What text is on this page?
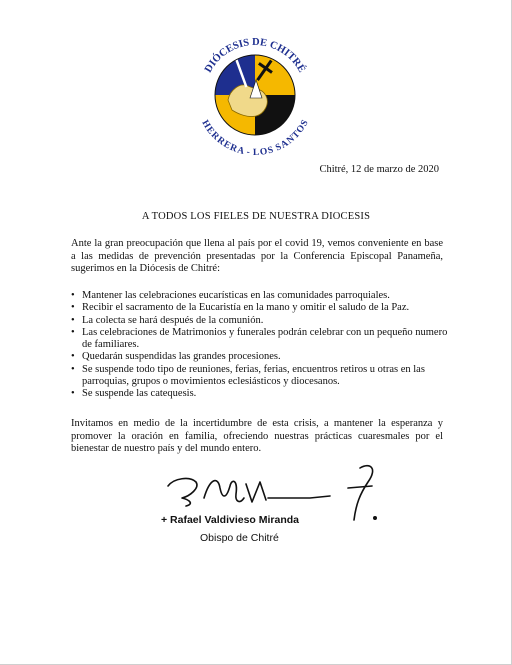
DIÓCESIS DE CHITRÉ
HERRERA - LOS SANTOS
Chitré, 12 de marzo de 2020
A TODOS LOS FIELES DE NUESTRA DIOCESIS

Ante la gran preocupación que llena al país por el covid 19, vemos conveniente en base a las medidas de prevención presentadas por la Conferencia Episcopal Panameña, sugerimos en la Diócesis de Chitré:

• Mantener las celebraciones eucarísticas en las comunidades parroquiales.
• Recibir el sacramento de la Eucaristía en la mano y omitir el saludo de la Paz.
• La colecta se hará después de la comunión.
• Las celebraciones de Matrimonios y funerales podrán celebrar con un pequeño numero de familiares.
• Quedarán suspendidas las grandes procesiones.
• Se suspende todo tipo de reuniones, ferias, ferias, encuentros retiros u otras en las parroquias, grupos o movimientos eclesiásticos y diocesanos.
• Se suspende las catequesis.

Invitamos en medio de la incertidumbre de esta crisis, a mantener la esperanza y promover la oración en familia, ofreciendo nuestras prácticas cuaresmales por el bienestar de nuestro país y del mundo entero.

+ Rafael Valdivieso Miranda
Obispo de Chitré
